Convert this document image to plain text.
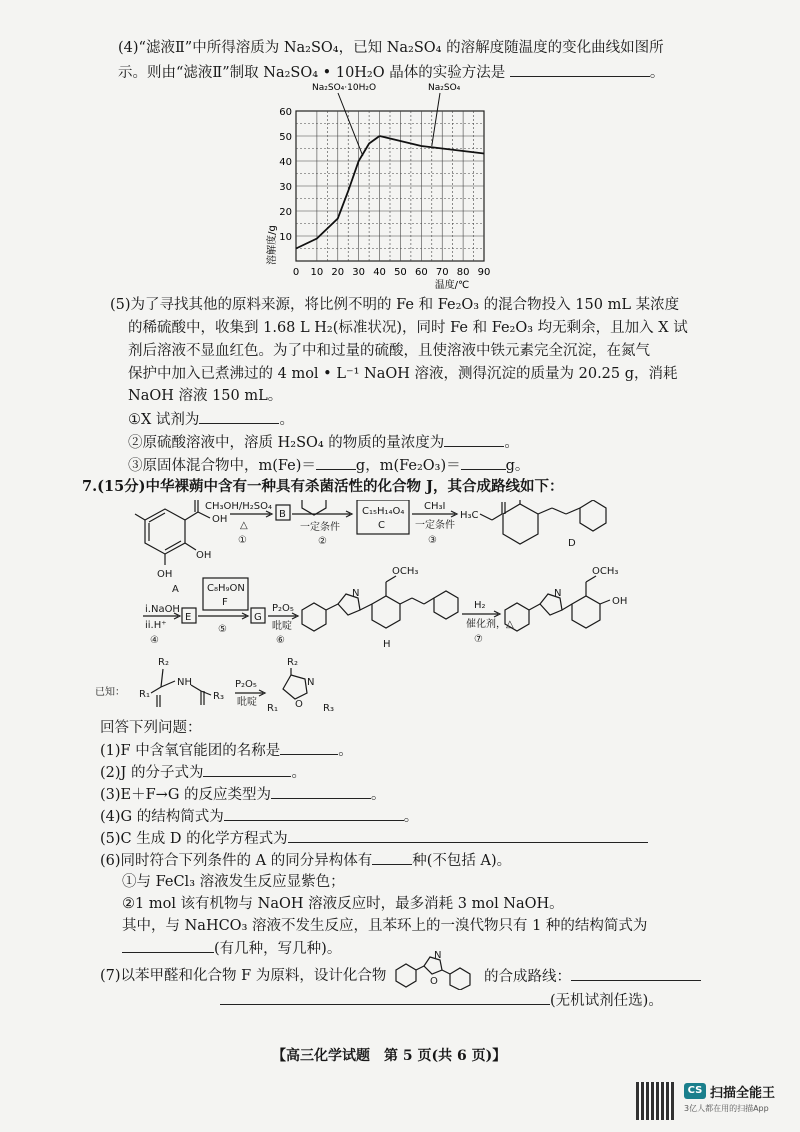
(4)“滤液Ⅱ”中所得溶质为 Na₂SO₄，已知 Na₂SO₄ 的溶解度随温度的变化曲线如图所
示。则由“滤液Ⅱ”制取 Na₂SO₄ • 10H₂O 晶体的实验方法是	。
Na₂SO₄·10H₂O	Na₂SO₄
溶解度/g
温度/℃
0 10 20 30 40 50 60 70 80 90
10
20
30
40
50
60
(5)为了寻找其他的原料来源，将比例不明的 Fe 和 Fe₂O₃ 的混合物投入 150 mL 某浓度
的稀硫酸中，收集到 1.68 L H₂(标准状况)，同时 Fe 和 Fe₂O₃ 均无剩余，且加入 X 试
剂后溶液不显血红色。为了中和过量的硫酸，且使溶液中铁元素完全沉淀，在氮气
保护中加入已煮沸过的 4 mol • L⁻¹ NaOH 溶液，测得沉淀的质量为 20.25 g，消耗
NaOH 溶液 150 mL。
①X 试剂为	。
②原硫酸溶液中，溶质 H₂SO₄ 的物质的量浓度为	。
③原固体混合物中，m(Fe)＝	g，m(Fe₂O₃)＝	g。
7.(15分)中华裸蒴中含有一种具有杀菌活性的化合物 J，其合成路线如下：
OH
OH
OH
A
CH₃OH/H₂SO₄
△
①
B
一定条件
②
C₁₅H₁₄O₄
C
CH₃I
一定条件
③
H₃C
D
i.NaOH
ii.H⁺
④
E
C₈H₉ON
F
⑤
G
P₂O₅
吡啶
⑥
N
OCH₃
H
H₂
催化剂，△
⑦
N
OCH₃
OH
已知： R₁
R₂
NH
R₃
P₂O₅
吡啶
R₂
N
O
R₁	R₃
回答下列问题：
(1)F 中含氧官能团的名称是	。
(2)J 的分子式为	。
(3)E＋F→G 的反应类型为	。
(4)G 的结构简式为	。
(5)C 生成 D 的化学方程式为
(6)同时符合下列条件的 A 的同分异构体有	种(不包括 A)。
①与 FeCl₃ 溶液发生反应显紫色；
②1 mol 该有机物与 NaOH 溶液反应时，最多消耗 3 mol NaOH。
其中，与 NaHCO₃ 溶液不发生反应，且苯环上的一溴代物只有 1 种的结构简式为
(有几种，写几种)。
(7)以苯甲醛和化合物 F 为原料，设计化合物
N
O	的合成路线：
(无机试剂任选)。
【高三化学试题　第 5 页(共 6 页)】
CS 扫描全能王
3亿人都在用的扫描App
